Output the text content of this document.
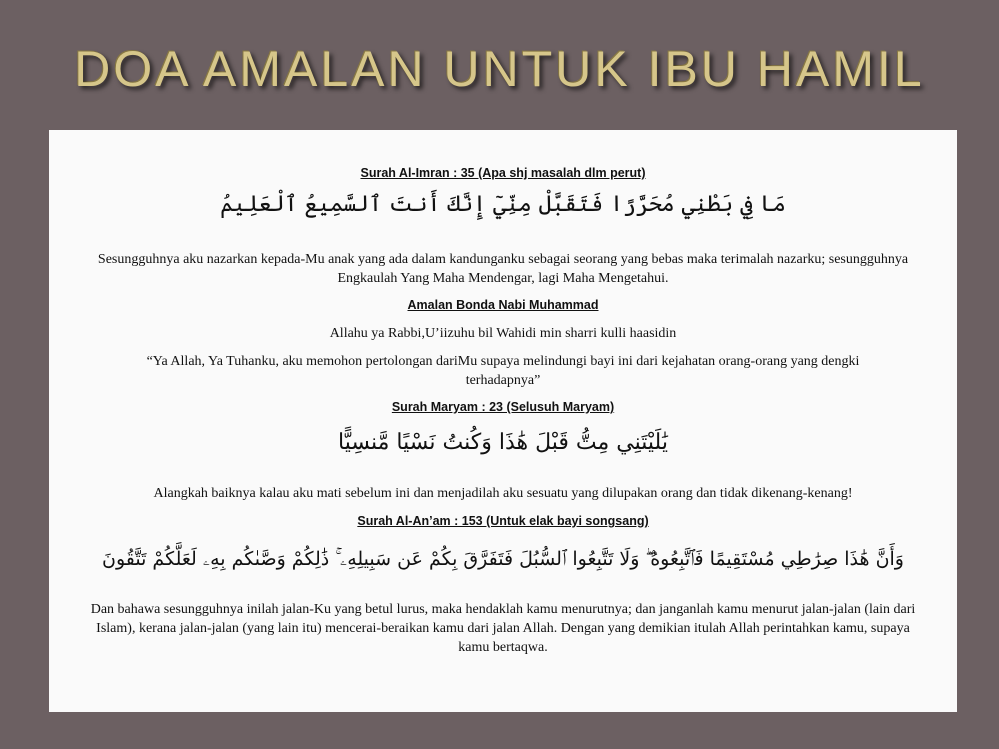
DOA AMALAN UNTUK IBU HAMIL
Surah Al-Imran : 35 (Apa shj masalah dlm perut)
مَا فِي بَطْنِي مُحَرَّرًا فَتَقَبَّلْ مِنِّيٓ إِنَّكَ أَنتَ ٱلسَّمِيعُ ٱلْعَلِيمُ
Sesungguhnya aku nazarkan kepada-Mu anak yang ada dalam kandunganku sebagai seorang yang bebas maka terimalah nazarku; sesungguhnya Engkaulah Yang Maha Mendengar, lagi Maha Mengetahui.
Amalan Bonda Nabi Muhammad
Allahu ya Rabbi,U’iizuhu bil Wahidi min sharri kulli haasidin
“Ya Allah, Ya Tuhanku, aku memohon pertolongan dariMu supaya melindungi bayi ini dari kejahatan orang-orang yang dengki terhadapnya”
Surah Maryam : 23 (Selusuh Maryam)
يَٰلَيْتَنِي مِتُّ قَبْلَ هَٰذَا وَكُنتُ نَسْيًا مَّنسِيًّا
Alangkah baiknya kalau aku mati sebelum ini dan menjadilah aku sesuatu yang dilupakan orang dan tidak dikenang-kenang!
Surah Al-An’am : 153 (Untuk elak bayi songsang)
وَأَنَّ هَٰذَا صِرَٰطِي مُسْتَقِيمًا فَٱتَّبِعُوهُ ۖ وَلَا تَتَّبِعُوا ٱلسُّبُلَ فَتَفَرَّقَ بِكُمْ عَن سَبِيلِهِۦ ۚ ذَٰلِكُمْ وَصَّىٰكُم بِهِۦ لَعَلَّكُمْ تَتَّقُونَ
Dan bahawa sesungguhnya inilah jalan-Ku yang betul lurus, maka hendaklah kamu menurutnya; dan janganlah kamu menurut jalan-jalan (lain dari Islam), kerana jalan-jalan (yang lain itu) mencerai-beraikan kamu dari jalan Allah. Dengan yang demikian itulah Allah perintahkan kamu, supaya kamu bertaqwa.
